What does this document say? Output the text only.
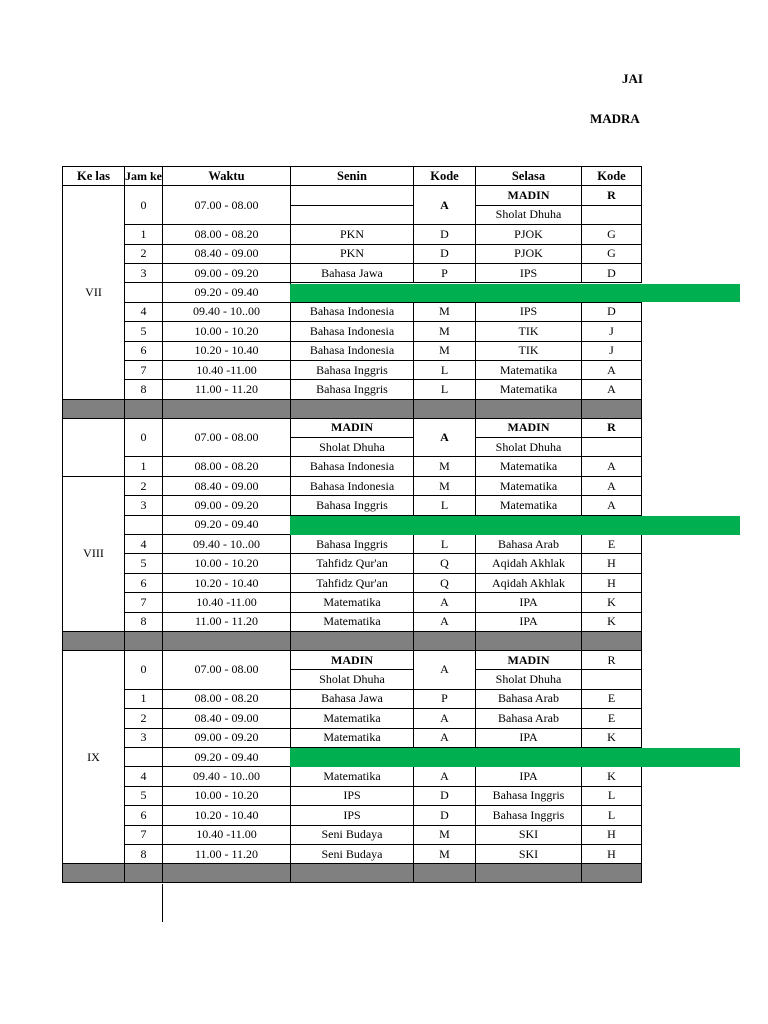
JAI
MADRA
Ke las	Jam ke	Waktu	Senin	Kode	Selasa	Kode
VII	0	07.00 - 08.00		A	MADIN	R
					Sholat Dhuha	
	1	08.00 - 08.20	PKN	D	PJOK	G
	2	08.40 - 09.00	PKN	D	PJOK	G
	3	09.00 - 09.20	Bahasa Jawa	P	IPS	D
		09.20 - 09.40				
	4	09.40 - 10..00	Bahasa Indonesia	M	IPS	D
	5	10.00 - 10.20	Bahasa Indonesia	M	TIK	J
	6	10.20 - 10.40	Bahasa Indonesia	M	TIK	J
	7	10.40 -11.00	Bahasa Inggris	L	Matematika	A
	8	11.00 - 11.20	Bahasa Inggris	L	Matematika	A

	0	07.00 - 08.00	MADIN	A	MADIN	R
			Sholat Dhuha		Sholat Dhuha	
	1	08.00 - 08.20	Bahasa Indonesia	M	Matematika	A
VIII	2	08.40 - 09.00	Bahasa Indonesia	M	Matematika	A
	3	09.00 - 09.20	Bahasa Inggris	L	Matematika	A
		09.20 - 09.40				
	4	09.40 - 10..00	Bahasa Inggris	L	Bahasa Arab	E
	5	10.00 - 10.20	Tahfidz Qur'an	Q	Aqidah Akhlak	H
	6	10.20 - 10.40	Tahfidz Qur'an	Q	Aqidah Akhlak	H
	7	10.40 -11.00	Matematika	A	IPA	K
	8	11.00 - 11.20	Matematika	A	IPA	K

IX	0	07.00 - 08.00	MADIN	A	MADIN	R
			Sholat Dhuha		Sholat Dhuha	
	1	08.00 - 08.20	Bahasa Jawa	P	Bahasa Arab	E
	2	08.40 - 09.00	Matematika	A	Bahasa Arab	E
	3	09.00 - 09.20	Matematika	A	IPA	K
		09.20 - 09.40				
	4	09.40 - 10..00	Matematika	A	IPA	K
	5	10.00 - 10.20	IPS	D	Bahasa Inggris	L
	6	10.20 - 10.40	IPS	D	Bahasa Inggris	L
	7	10.40 -11.00	Seni Budaya	M	SKI	H
	8	11.00 - 11.20	Seni Budaya	M	SKI	H
